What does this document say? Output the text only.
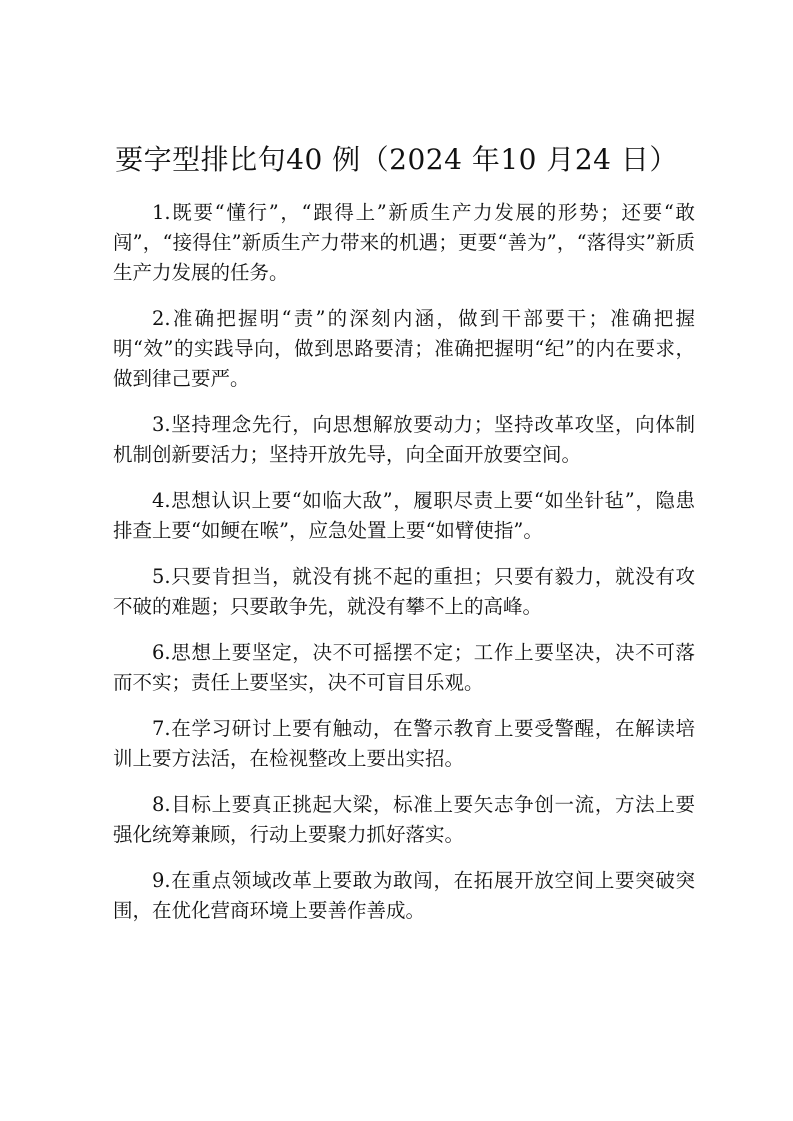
要字型排比句40 例（2024 年10 月24 日）

1.既要“懂行”，“跟得上”新质生产力发展的形势；还要“敢闯”，“接得住”新质生产力带来的机遇；更要“善为”，“落得实”新质生产力发展的任务。

2.准确把握明“责”的深刻内涵，做到干部要干；准确把握明“效”的实践导向，做到思路要清；准确把握明“纪”的内在要求，做到律己要严。

3.坚持理念先行，向思想解放要动力；坚持改革攻坚，向体制机制创新要活力；坚持开放先导，向全面开放要空间。

4.思想认识上要“如临大敌”，履职尽责上要“如坐针毡”，隐患排查上要“如鲠在喉”，应急处置上要“如臂使指”。

5.只要肯担当，就没有挑不起的重担；只要有毅力，就没有攻不破的难题；只要敢争先，就没有攀不上的高峰。

6.思想上要坚定，决不可摇摆不定；工作上要坚决，决不可落而不实；责任上要坚实，决不可盲目乐观。

7.在学习研讨上要有触动，在警示教育上要受警醒，在解读培训上要方法活，在检视整改上要出实招。

8.目标上要真正挑起大梁，标准上要矢志争创一流，方法上要强化统筹兼顾，行动上要聚力抓好落实。

9.在重点领域改革上要敢为敢闯，在拓展开放空间上要突破突围，在优化营商环境上要善作善成。
